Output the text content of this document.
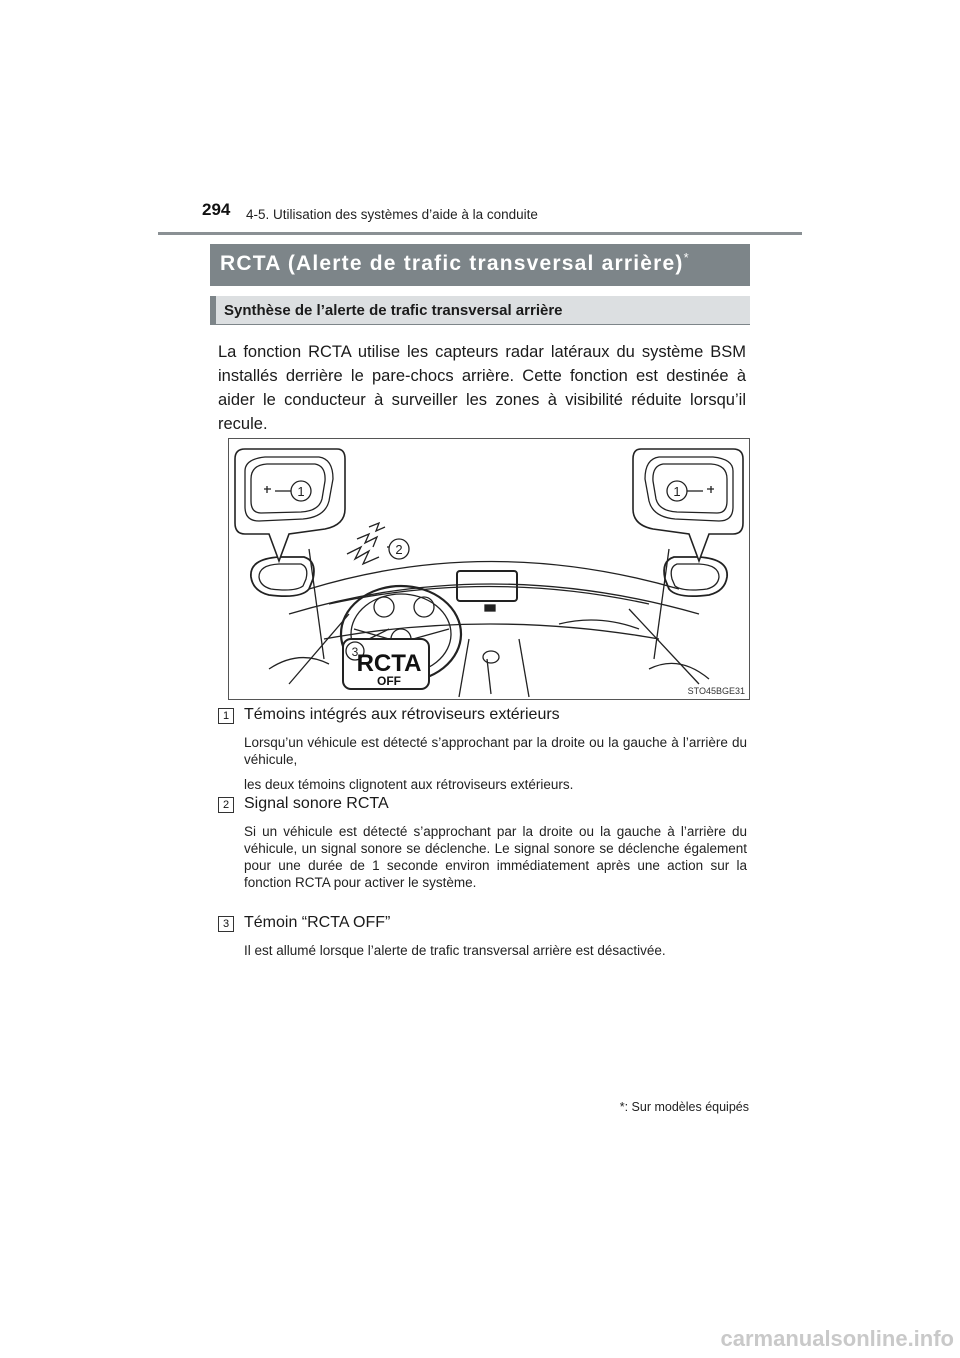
294 4-5. Utilisation des systèmes d’aide à la conduite
RCTA (Alerte de trafic transversal arrière)*
Synthèse de l’alerte de trafic transversal arrière
La fonction RCTA utilise les capteurs radar latéraux du système BSM installés derrière le pare-chocs arrière. Cette fonction est destinée à aider le conducteur à surveiller les zones à visibilité réduite lorsqu’il recule.
1	1
2
3
RCTA
OFF
STO45BGE31
1 Témoins intégrés aux rétroviseurs extérieurs

Lorsqu’un véhicule est détecté s’approchant par la droite ou la gauche à l’arrière du véhicule,

les deux témoins clignotent aux rétroviseurs extérieurs.

2 Signal sonore RCTA

Si un véhicule est détecté s’approchant par la droite ou la gauche à l’arrière du véhicule, un signal sonore se déclenche. Le signal sonore se déclenche également pour une durée de 1 seconde environ immédiatement après une action sur la fonction RCTA pour activer le système.

3 Témoin “RCTA OFF”

Il est allumé lorsque l’alerte de trafic transversal arrière est désactivée.

*: Sur modèles équipés
carmanualsonline.info
